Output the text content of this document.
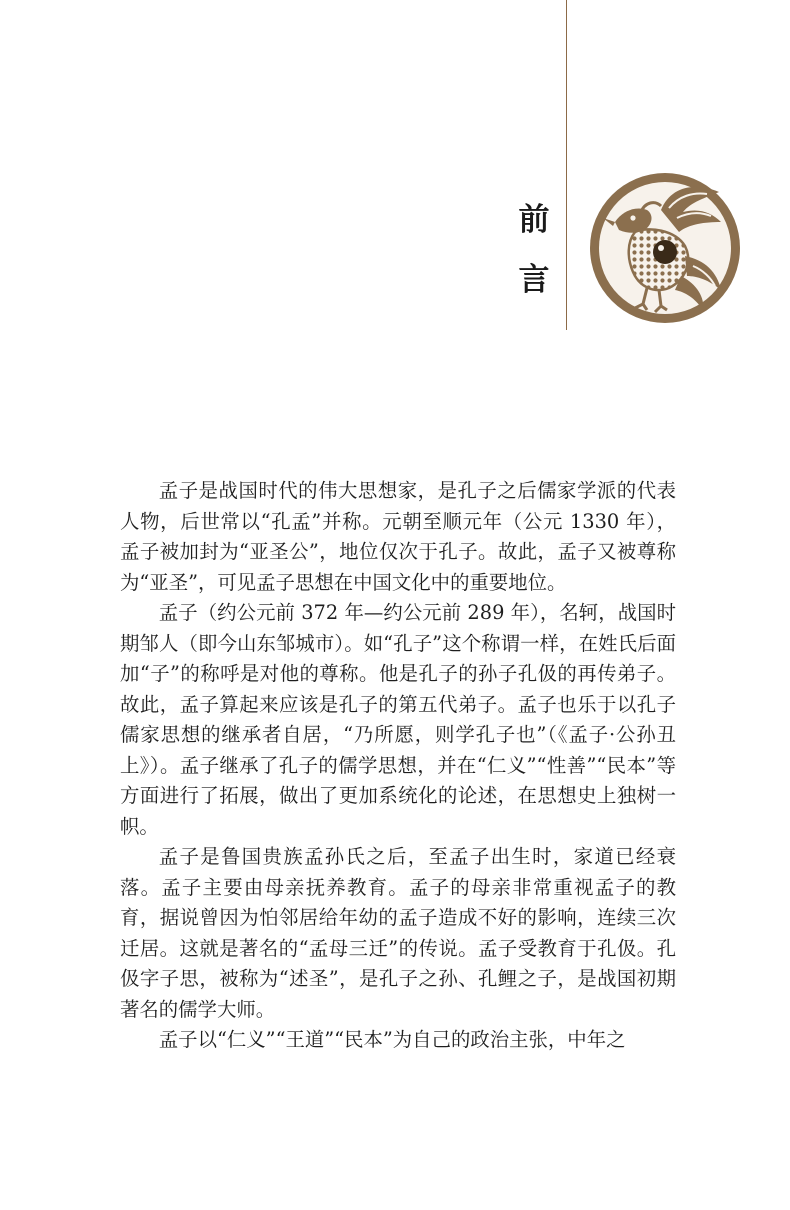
前
言

孟子是战国时代的伟大思想家，是孔子之后儒家学派的代表人物，后世常以“孔孟”并称。元朝至顺元年（公元 1330 年），孟子被加封为“亚圣公”，地位仅次于孔子。故此，孟子又被尊称为“亚圣”，可见孟子思想在中国文化中的重要地位。

孟子（约公元前 372 年—约公元前 289 年），名轲，战国时期邹人（即今山东邹城市）。如“孔子”这个称谓一样，在姓氏后面加“子”的称呼是对他的尊称。他是孔子的孙子孔伋的再传弟子。故此，孟子算起来应该是孔子的第五代弟子。孟子也乐于以孔子儒家思想的继承者自居，“乃所愿，则学孔子也”（《孟子·公孙丑上》）。孟子继承了孔子的儒学思想，并在“仁义”“性善”“民本”等方面进行了拓展，做出了更加系统化的论述，在思想史上独树一帜。

孟子是鲁国贵族孟孙氏之后，至孟子出生时，家道已经衰落。孟子主要由母亲抚养教育。孟子的母亲非常重视孟子的教育，据说曾因为怕邻居给年幼的孟子造成不好的影响，连续三次迁居。这就是著名的“孟母三迁”的传说。孟子受教育于孔伋。孔伋字子思，被称为“述圣”，是孔子之孙、孔鲤之子，是战国初期著名的儒学大师。

孟子以“仁义”“王道”“民本”为自己的政治主张，中年之
